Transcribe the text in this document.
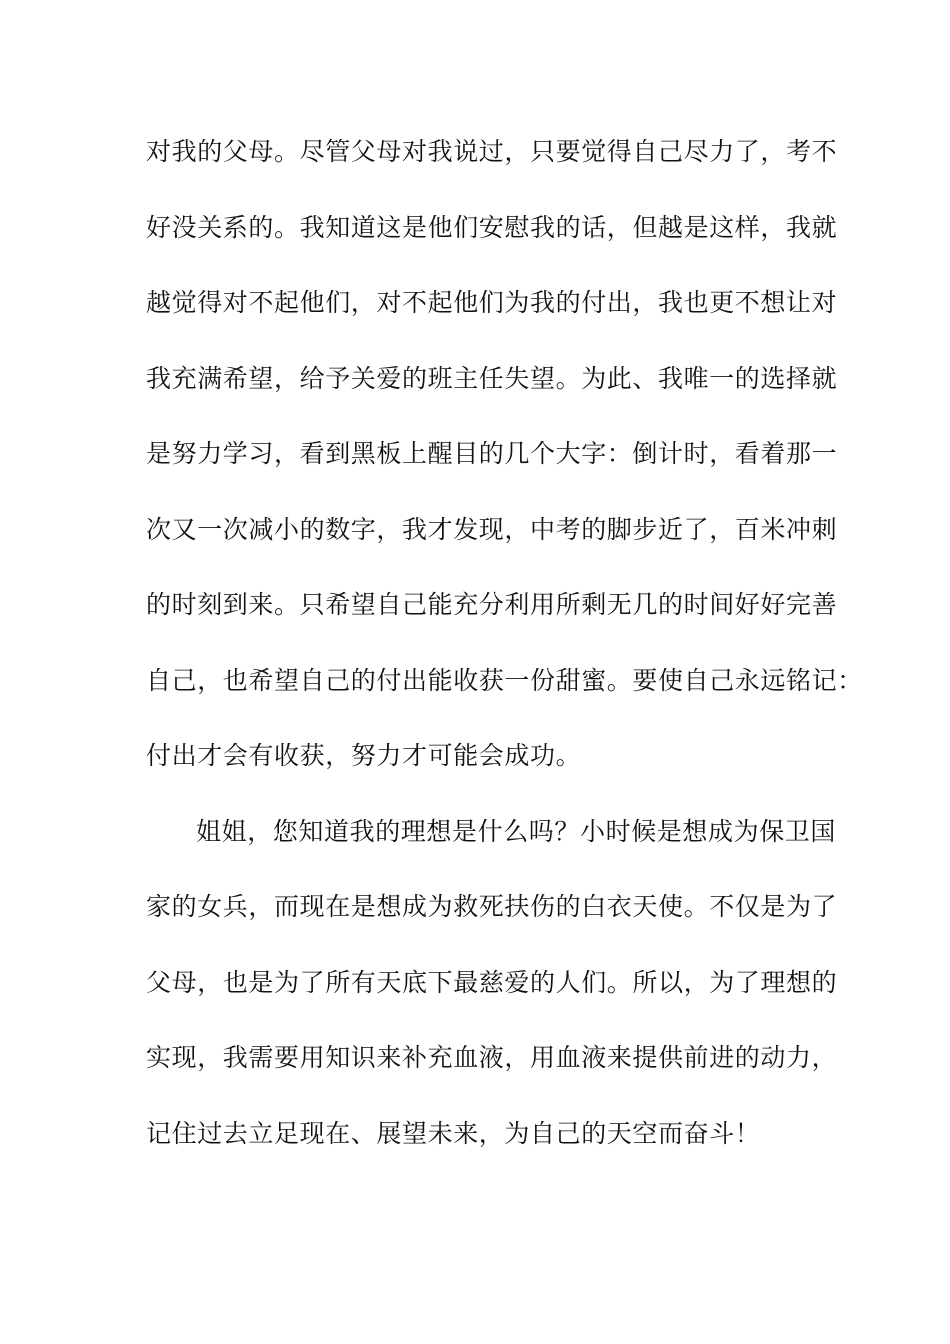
对我的父母。尽管父母对我说过，只要觉得自己尽力了，考不
好没关系的。我知道这是他们安慰我的话，但越是这样，我就
越觉得对不起他们，对不起他们为我的付出，我也更不想让对
我充满希望，给予关爱的班主任失望。为此、我唯一的选择就
是努力学习，看到黑板上醒目的几个大字：倒计时，看着那一
次又一次减小的数字，我才发现，中考的脚步近了，百米冲刺
的时刻到来。只希望自己能充分利用所剩无几的时间好好完善
自己，也希望自己的付出能收获一份甜蜜。要使自己永远铭记：
付出才会有收获，努力才可能会成功。
姐姐，您知道我的理想是什么吗？小时候是想成为保卫国
家的女兵，而现在是想成为救死扶伤的白衣天使。不仅是为了
父母，也是为了所有天底下最慈爱的人们。所以，为了理想的
实现，我需要用知识来补充血液，用血液来提供前进的动力，
记住过去立足现在、展望未来，为自己的天空而奋斗！
